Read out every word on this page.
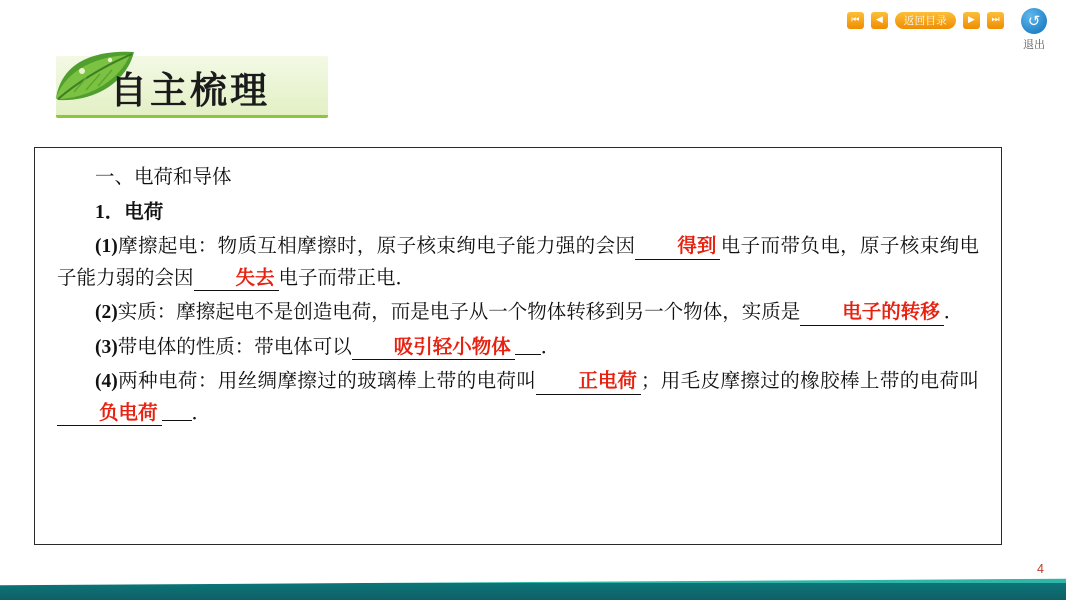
⏮	◀	返回目录	▶	⏭	↺
退出
自主梳理

一、电荷和导体

1．电荷

(1)摩擦起电：物质互相摩擦时，原子核束绚电子能力强的会因 得到 电子而带负电，原子核束绚电子能力弱的会因 失去 电子而带正电．

(2)实质：摩擦起电不是创造电荷，而是电子从一个物体转移到另一个物体，实质是 电子的转移 ．

(3)带电体的性质：带电体可以 吸引轻小物体 ．

(4)两种电荷：用丝绸摩擦过的玻璃棒上带的电荷叫 正电荷 ；用毛皮摩擦过的橡胶棒上带的电荷叫负电荷 ．

4
